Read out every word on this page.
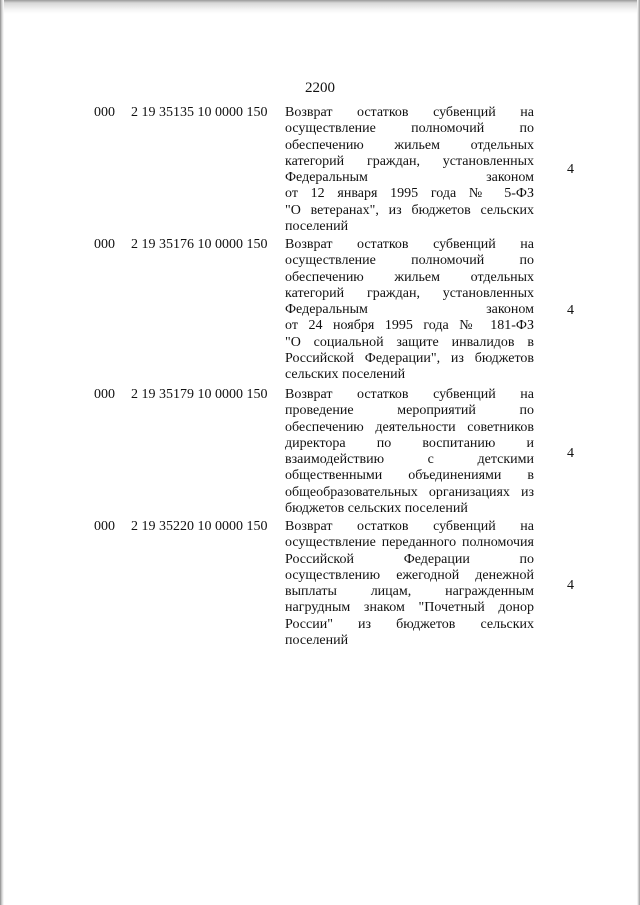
2200
000 2 19 35135 10 0000 150 Возврат остатков субвенций на
осуществление полномочий по
обеспечению жильем отдельных
категорий граждан, установленных
Федеральным законом
от 12 января 1995 года № 5-ФЗ
"О ветеранах", из бюджетов сельских
поселений
4
000 2 19 35176 10 0000 150 Возврат остатков субвенций на
осуществление полномочий по
обеспечению жильем отдельных
категорий граждан, установленных
Федеральным законом
от 24 ноября 1995 года № 181-ФЗ
"О социальной защите инвалидов в
Российской Федерации", из бюджетов
сельских поселений
4
000 2 19 35179 10 0000 150 Возврат остатков субвенций на
проведение мероприятий по
обеспечению деятельности советников
директора по воспитанию и
взаимодействию с детскими
общественными объединениями в
общеобразовательных организациях из
бюджетов сельских поселений
4
000 2 19 35220 10 0000 150 Возврат остатков субвенций на
осуществление переданного полномочия
Российской Федерации по
осуществлению ежегодной денежной
выплаты лицам, награжденным
нагрудным знаком "Почетный донор
России" из бюджетов сельских
поселений
4
